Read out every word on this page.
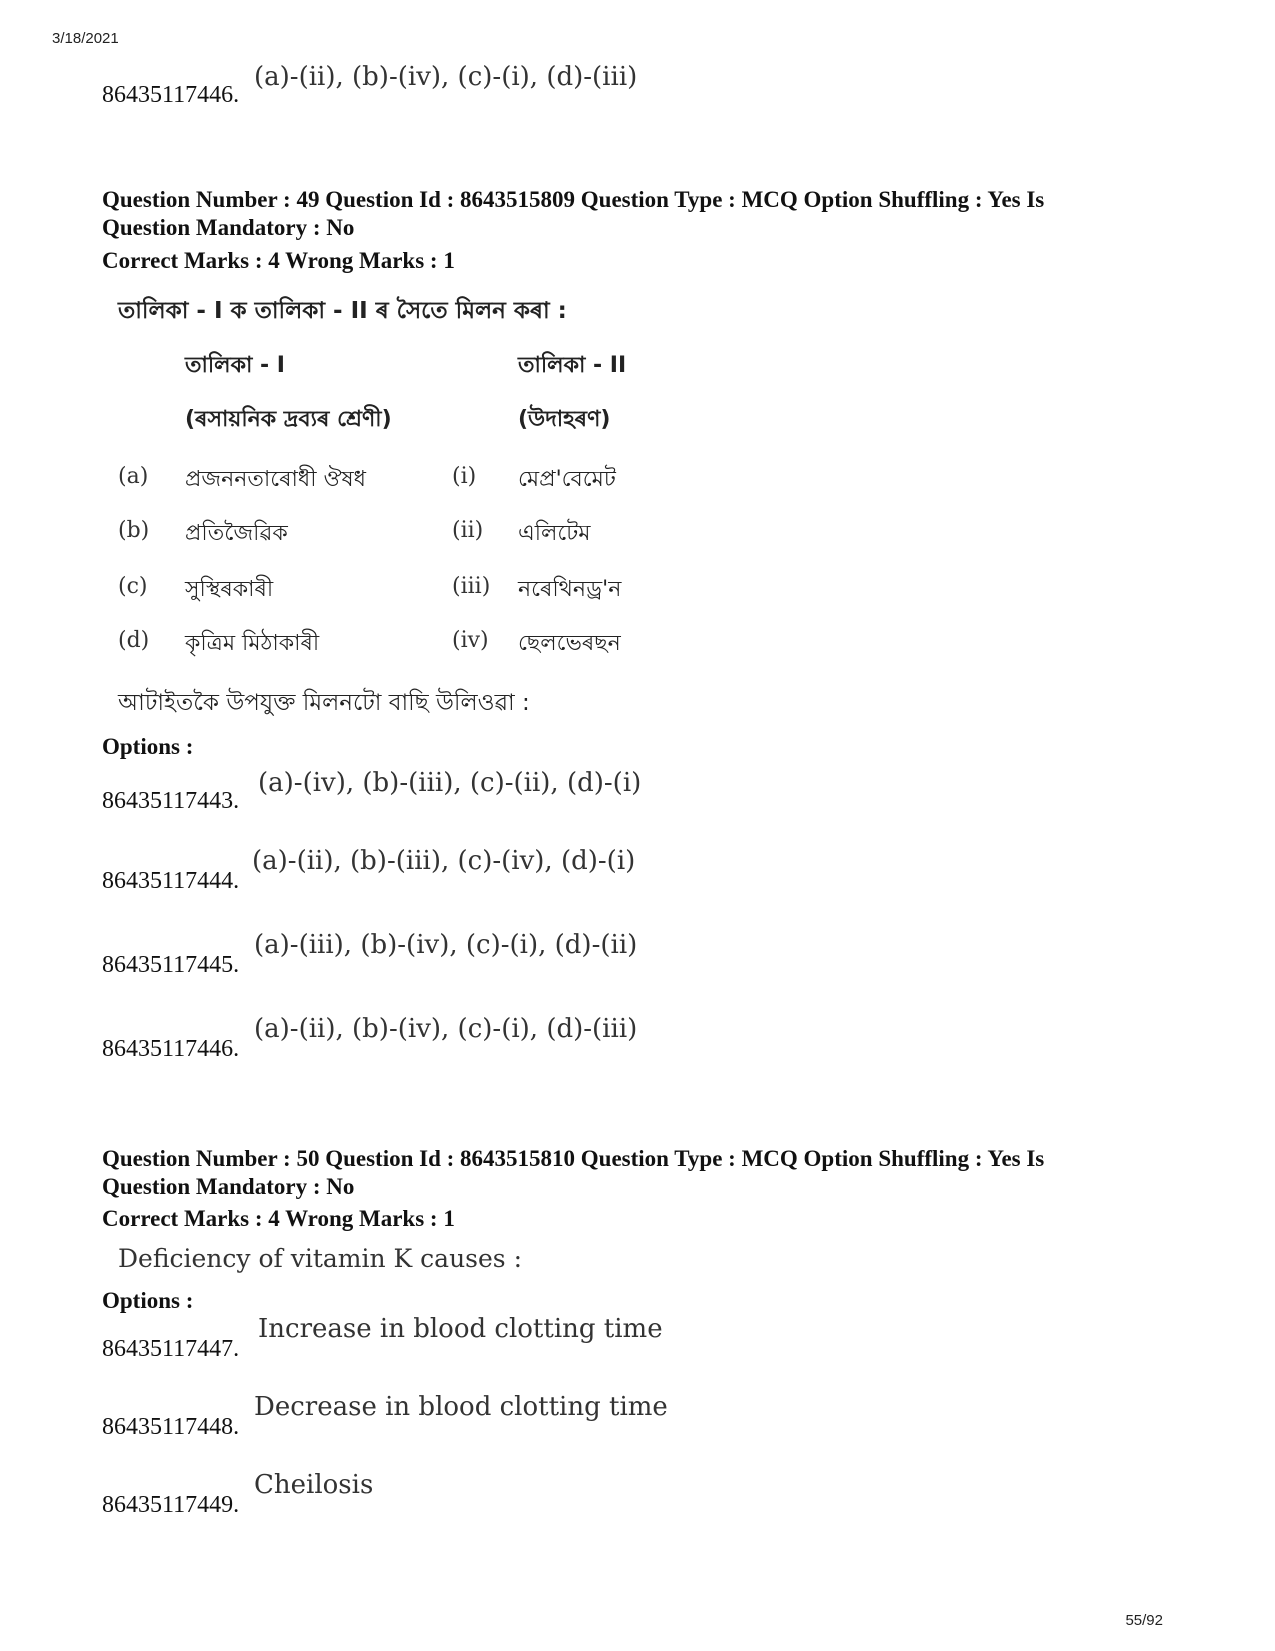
3/18/2021
86435117446.
(a)-(ii), (b)-(iv), (c)-(i), (d)-(iii)
Question Number : 49 Question Id : 8643515809 Question Type : MCQ Option Shuffling : Yes Is
Question Mandatory : No
Correct Marks : 4 Wrong Marks : 1
তালিকা - I ক তালিকা - II ৰ সৈতে মিলন কৰা :
তালিকা - I	তালিকা - II
(ৰসায়নিক দ্ৰব্যৰ শ্ৰেণী)	(উদাহৰণ)
(a) প্ৰজননতাৰোধী ঔষধ	(i) মেপ্ৰ'বেমেট
(b) প্ৰতিজৈৱিক	(ii) এলিটেম
(c) সুস্থিৰকাৰী	(iii) নৰেথিনড্ৰ'ন
(d) কৃত্ৰিম মিঠাকাৰী	(iv) ছেলভেৰছন
আটাইতকৈ উপযুক্ত মিলনটো বাছি উলিওৱা :
Options :
86435117443.
(a)-(iv), (b)-(iii), (c)-(ii), (d)-(i)
86435117444.
(a)-(ii), (b)-(iii), (c)-(iv), (d)-(i)
86435117445.
(a)-(iii), (b)-(iv), (c)-(i), (d)-(ii)
86435117446.
(a)-(ii), (b)-(iv), (c)-(i), (d)-(iii)
Question Number : 50 Question Id : 8643515810 Question Type : MCQ Option Shuffling : Yes Is
Question Mandatory : No
Correct Marks : 4 Wrong Marks : 1
Deficiency of vitamin K causes :
Options :
86435117447.
Increase in blood clotting time
86435117448.
Decrease in blood clotting time
86435117449.
Cheilosis
55/92
